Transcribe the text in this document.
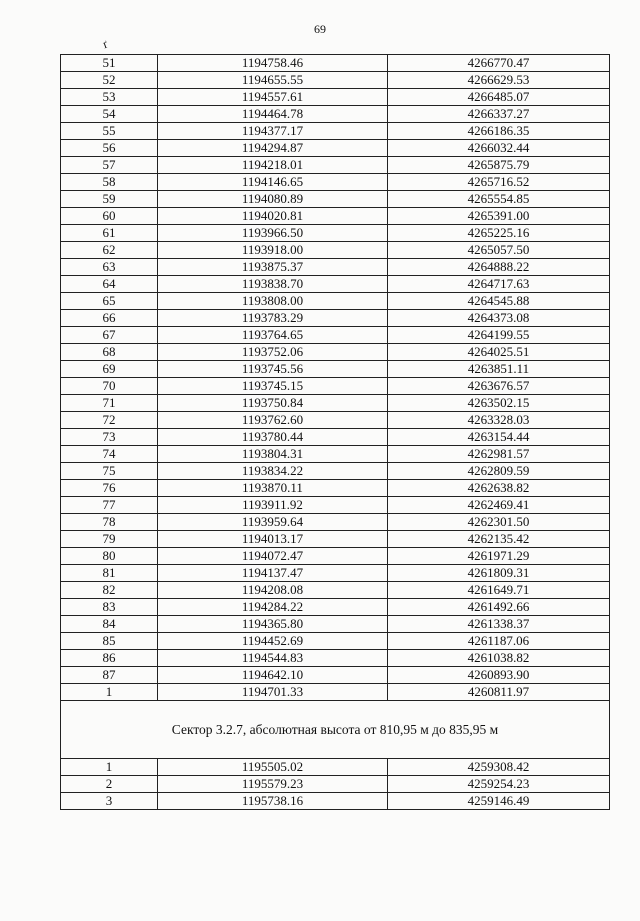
69
ґ
51	1194758.46	4266770.47
52	1194655.55	4266629.53
53	1194557.61	4266485.07
54	1194464.78	4266337.27
55	1194377.17	4266186.35
56	1194294.87	4266032.44
57	1194218.01	4265875.79
58	1194146.65	4265716.52
59	1194080.89	4265554.85
60	1194020.81	4265391.00
61	1193966.50	4265225.16
62	1193918.00	4265057.50
63	1193875.37	4264888.22
64	1193838.70	4264717.63
65	1193808.00	4264545.88
66	1193783.29	4264373.08
67	1193764.65	4264199.55
68	1193752.06	4264025.51
69	1193745.56	4263851.11
70	1193745.15	4263676.57
71	1193750.84	4263502.15
72	1193762.60	4263328.03
73	1193780.44	4263154.44
74	1193804.31	4262981.57
75	1193834.22	4262809.59
76	1193870.11	4262638.82
77	1193911.92	4262469.41
78	1193959.64	4262301.50
79	1194013.17	4262135.42
80	1194072.47	4261971.29
81	1194137.47	4261809.31
82	1194208.08	4261649.71
83	1194284.22	4261492.66
84	1194365.80	4261338.37
85	1194452.69	4261187.06
86	1194544.83	4261038.82
87	1194642.10	4260893.90
1	1194701.33	4260811.97
Сектор 3.2.7, абсолютная высота от 810,95 м до 835,95 м		
1	1195505.02	4259308.42
2	1195579.23	4259254.23
3	1195738.16	4259146.49
